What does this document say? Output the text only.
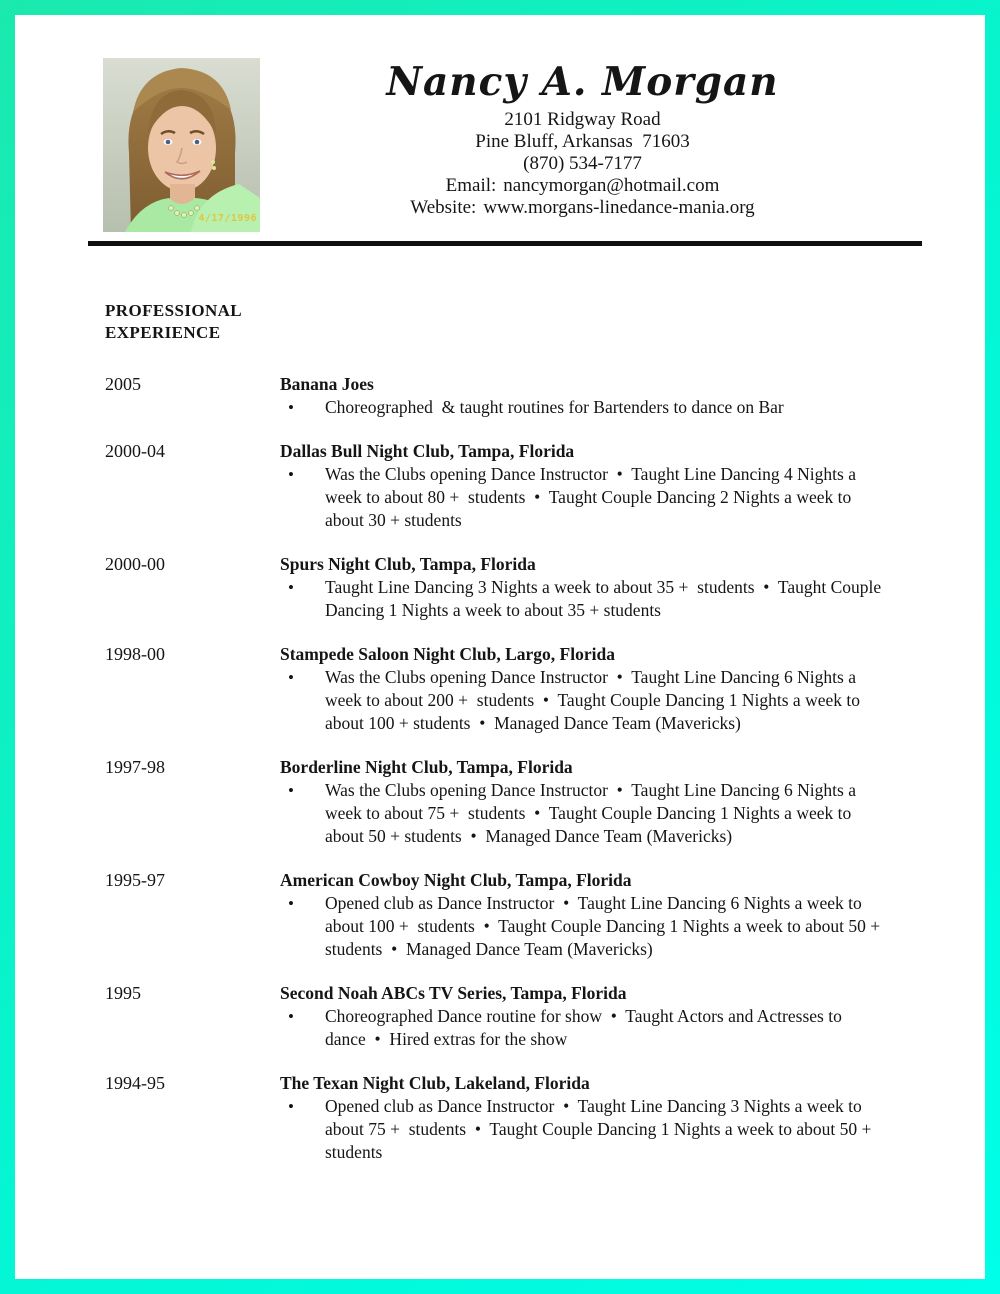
4/17/1996
Nancy A. Morgan
2101 Ridgway Road
Pine Bluff, Arkansas  71603
(870) 534-7177
Email: nancymorgan@hotmail.com
Website: www.morgans-linedance-mania.org
PROFESSIONAL
EXPERIENCE
2005	Banana Joes
•	Choreographed  & taught routines for Bartenders to dance on Bar
2000-04	Dallas Bull Night Club, Tampa, Florida
•	Was the Clubs opening Dance Instructor  •  Taught Line Dancing 4 Nights a week to about 80 +  students  •  Taught Couple Dancing 2 Nights a week to about 30 + students
2000-00	Spurs Night Club, Tampa, Florida
•	Taught Line Dancing 3 Nights a week to about 35 +  students  •  Taught Couple Dancing 1 Nights a week to about 35 + students
1998-00	Stampede Saloon Night Club, Largo, Florida
•	Was the Clubs opening Dance Instructor  •  Taught Line Dancing 6 Nights a week to about 200 +  students  •  Taught Couple Dancing 1 Nights a week to about 100 + students  •  Managed Dance Team (Mavericks)
1997-98	Borderline Night Club, Tampa, Florida
•	Was the Clubs opening Dance Instructor  •  Taught Line Dancing 6 Nights a week to about 75 +  students  •  Taught Couple Dancing 1 Nights a week to about 50 + students  •  Managed Dance Team (Mavericks)
1995-97	American Cowboy Night Club, Tampa, Florida
•	Opened club as Dance Instructor  •  Taught Line Dancing 6 Nights a week to about 100 +  students  •  Taught Couple Dancing 1 Nights a week to about 50 + students  •  Managed Dance Team (Mavericks)
1995	Second Noah ABCs TV Series, Tampa, Florida
•	Choreographed Dance routine for show  •  Taught Actors and Actresses to dance  •  Hired extras for the show
1994-95	The Texan Night Club, Lakeland, Florida
•	Opened club as Dance Instructor  •  Taught Line Dancing 3 Nights a week to about 75 +  students  •  Taught Couple Dancing 1 Nights a week to about 50 + students
